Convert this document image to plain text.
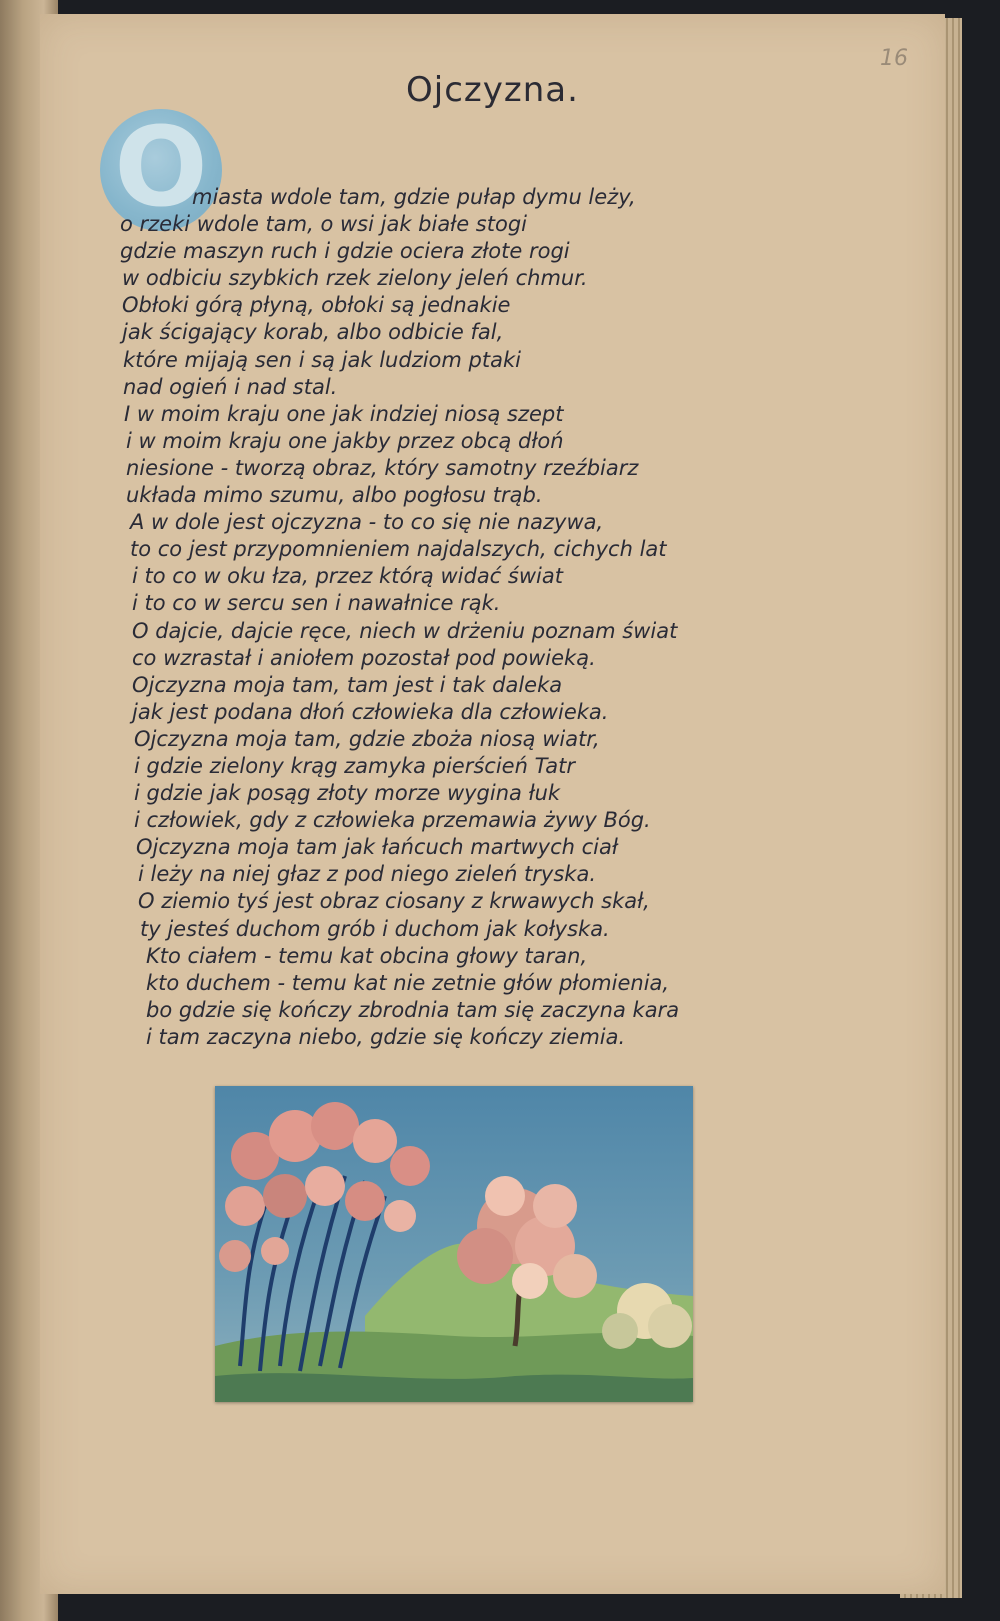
16
Ojczyzna.
O
miasta wdole tam, gdzie pułap dymu leży,
o rzeki wdole tam, o wsi jak białe stogi
gdzie maszyn ruch i gdzie ociera złote rogi
w odbiciu szybkich rzek zielony jeleń chmur.
Obłoki górą płyną, obłoki są jednakie
jak ścigający korab, albo odbicie fal,
które mijają sen i są jak ludziom ptaki
nad ogień i nad stal.
I w moim kraju one jak indziej niosą szept
i w moim kraju one jakby przez obcą dłoń
niesione - tworzą obraz, który samotny rzeźbiarz
układa mimo szumu, albo pogłosu trąb.
A w dole jest ojczyzna - to co się nie nazywa,
to co jest przypomnieniem najdalszych, cichych lat
i to co w oku łza, przez którą widać świat
i to co w sercu sen i nawałnice rąk.
O dajcie, dajcie ręce, niech w drżeniu poznam świat
co wzrastał i aniołem pozostał pod powieką.
Ojczyzna moja tam, tam jest i tak daleka
jak jest podana dłoń człowieka dla człowieka.
Ojczyzna moja tam, gdzie zboża niosą wiatr,
i gdzie zielony krąg zamyka pierścień Tatr
i gdzie jak posąg złoty morze wygina łuk
i człowiek, gdy z człowieka przemawia żywy Bóg.
Ojczyzna moja tam jak łańcuch martwych ciał
i leży na niej głaz z pod niego zieleń tryska.
O ziemio tyś jest obraz ciosany z krwawych skał,
ty jesteś duchom grób i duchom jak kołyska.
Kto ciałem - temu kat obcina głowy taran,
kto duchem - temu kat nie zetnie głów płomienia,
bo gdzie się kończy zbrodnia tam się zaczyna kara
i tam zaczyna niebo, gdzie się kończy ziemia.
